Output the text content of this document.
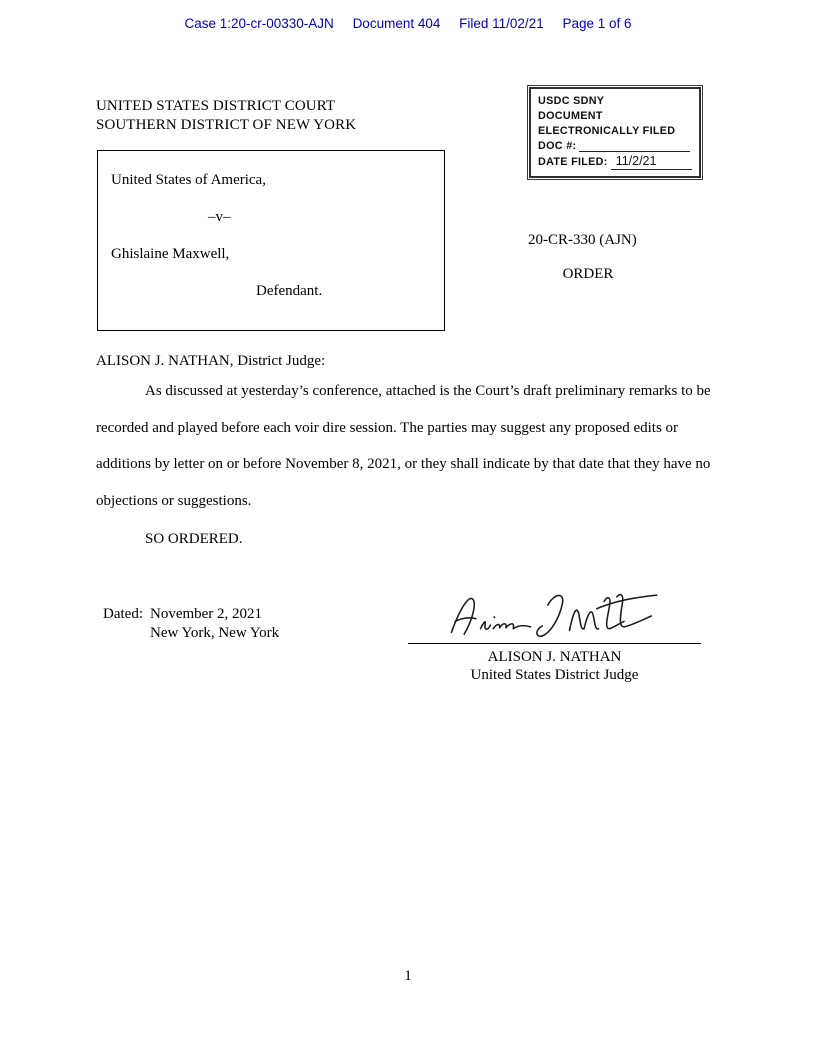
Case 1:20-cr-00330-AJN Document 404 Filed 11/02/21 Page 1 of 6
UNITED STATES DISTRICT COURT
SOUTHERN DISTRICT OF NEW YORK
USDC SDNY
DOCUMENT
ELECTRONICALLY FILED
DOC #:
DATE FILED: 11/2/21
United States of America,
–v–
Ghislaine Maxwell,
Defendant.
20-CR-330 (AJN)
ORDER
ALISON J. NATHAN, District Judge:

As discussed at yesterday’s conference, attached is the Court’s draft preliminary remarks to be recorded and played before each voir dire session. The parties may suggest any proposed edits or additions by letter on or before November 8, 2021, or they shall indicate by that date that they have no objections or suggestions.

SO ORDERED.
Dated: November 2, 2021
New York, New York
ALISON J. NATHAN
United States District Judge
1
